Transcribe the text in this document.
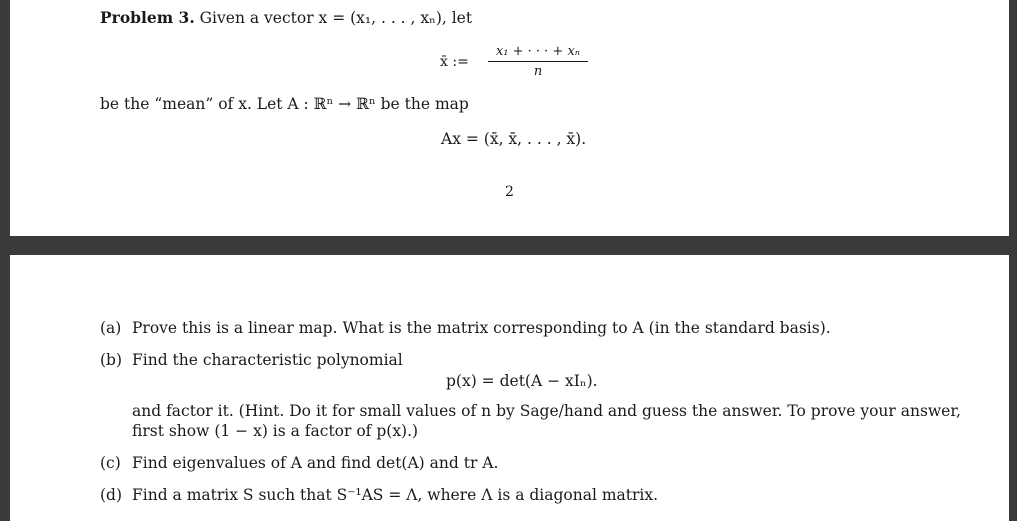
Problem 3. Given a vector x = (x₁, . . . , xₙ), let
x̄ := $\frac{\text{x₁ + · · · + xₙ}}{n}$
be the “mean” of x. Let A : ℝⁿ → ℝⁿ be the map
Ax = (x̄, x̄, . . . , x̄).
2
(a) Prove this is a linear map. What is the matrix corresponding to A (in the standard basis).
(b) Find the characteristic polynomial
p(x) = det(A − xIₙ).
and factor it. (Hint. Do it for small values of n by Sage/hand and guess the answer. To prove your answer,
first show (1 − x) is a factor of p(x).)
(c) Find eigenvalues of A and find det(A) and tr A.
(d) Find a matrix S such that S⁻¹AS = Λ, where Λ is a diagonal matrix.
